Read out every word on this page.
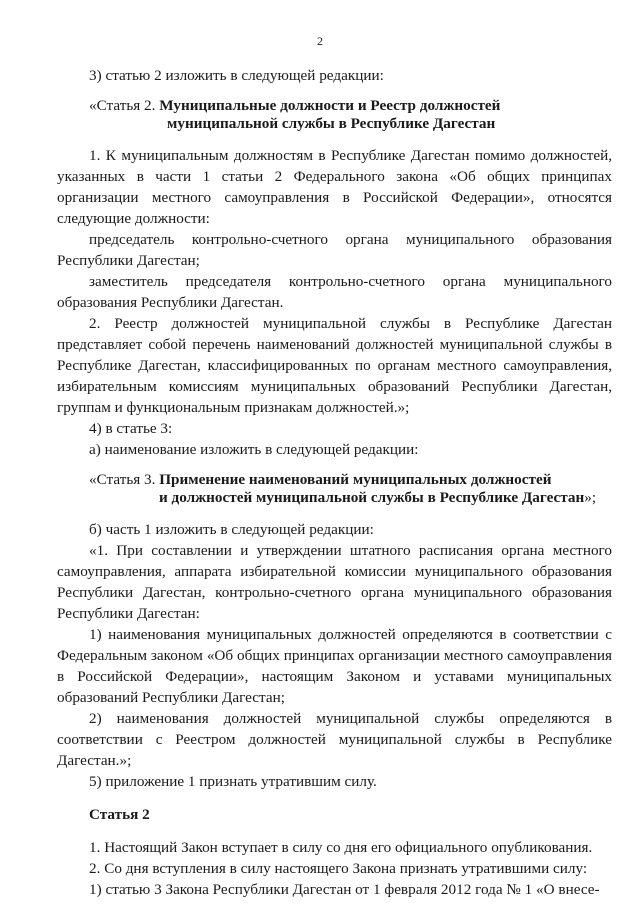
2

3) статью 2 изложить в следующей редакции:

«Статья 2. Муниципальные должности и Реестр должностей
муниципальной службы в Республике Дагестан

1. К муниципальным должностям в Республике Дагестан помимо должностей, указанных в части 1 статьи 2 Федерального закона «Об общих принципах организации местного самоуправления в Российской Федерации», относятся следующие должности:

председатель контрольно-счетного органа муниципального образования Республики Дагестан;

заместитель председателя контрольно-счетного органа муниципального образования Республики Дагестан.

2. Реестр должностей муниципальной службы в Республике Дагестан представляет собой перечень наименований должностей муниципальной службы в Республике Дагестан, классифицированных по органам местного самоуправления, избирательным комиссиям муниципальных образований Республики Дагестан, группам и функциональным признакам должностей.»;

4) в статье 3:

а) наименование изложить в следующей редакции:

«Статья 3. Применение наименований муниципальных должностей
и должностей муниципальной службы в Республике Дагестан»;

б) часть 1 изложить в следующей редакции:

«1. При составлении и утверждении штатного расписания органа местного самоуправления, аппарата избирательной комиссии муниципального образования Республики Дагестан, контрольно-счетного органа муниципального образования Республики Дагестан:

1) наименования муниципальных должностей определяются в соответствии с Федеральным законом «Об общих принципах организации местного самоуправления в Российской Федерации», настоящим Законом и уставами муниципальных образований Республики Дагестан;

2) наименования должностей муниципальной службы определяются в соответствии с Реестром должностей муниципальной службы в Республике Дагестан.»;

5) приложение 1 признать утратившим силу.

Статья 2

1. Настоящий Закон вступает в силу со дня его официального опубликования.

2. Со дня вступления в силу настоящего Закона признать утратившими силу:

1) статью 3 Закона Республики Дагестан от 1 февраля 2012 года № 1 «О внесе-
